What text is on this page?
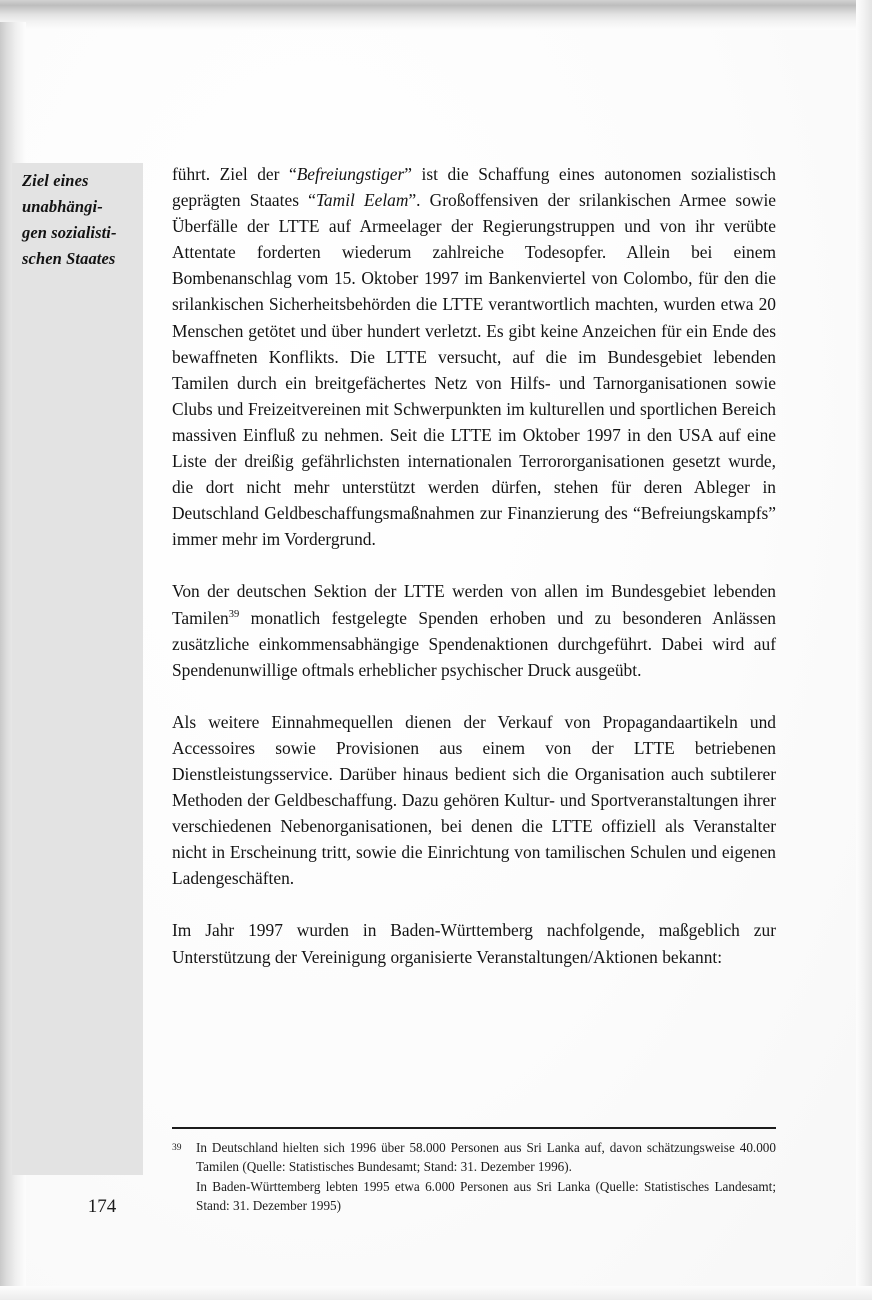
Ziel eines
unabhängi-
gen sozialisti-
schen Staates
174

führt. Ziel der “Befreiungstiger” ist die Schaffung eines autonomen sozialistisch geprägten Staates “Tamil Eelam”. Großoffensiven der srilankischen Armee sowie Überfälle der LTTE auf Armeelager der Regierungstruppen und von ihr verübte Attentate forderten wiederum zahlreiche Todesopfer. Allein bei einem Bombenanschlag vom 15. Oktober 1997 im Bankenviertel von Colombo, für den die srilankischen Sicherheitsbehörden die LTTE verantwortlich machten, wurden etwa 20 Menschen getötet und über hundert verletzt. Es gibt keine Anzeichen für ein Ende des bewaffneten Konflikts. Die LTTE versucht, auf die im Bundesgebiet lebenden Tamilen durch ein breitgefächertes Netz von Hilfs- und Tarnorganisationen sowie Clubs und Freizeitvereinen mit Schwerpunkten im kulturellen und sportlichen Bereich massiven Einfluß zu nehmen. Seit die LTTE im Oktober 1997 in den USA auf eine Liste der dreißig gefährlichsten internationalen Terrororganisationen gesetzt wurde, die dort nicht mehr unterstützt werden dürfen, stehen für deren Ableger in Deutschland Geldbeschaffungsmaßnahmen zur Finanzierung des “Befreiungskampfs” immer mehr im Vordergrund.

Von der deutschen Sektion der LTTE werden von allen im Bundesgebiet lebenden Tamilen$^{39}$ monatlich festgelegte Spenden erhoben und zu besonderen Anlässen zusätzliche einkommensabhängige Spendenaktionen durchgeführt. Dabei wird auf Spendenunwillige oftmals erheblicher psychischer Druck ausgeübt.

Als weitere Einnahmequellen dienen der Verkauf von Propagandaartikeln und Accessoires sowie Provisionen aus einem von der LTTE betriebenen Dienstleistungsservice. Darüber hinaus bedient sich die Organisation auch subtilerer Methoden der Geldbeschaffung. Dazu gehören Kultur- und Sportveranstaltungen ihrer verschiedenen Nebenorganisationen, bei denen die LTTE offiziell als Veranstalter nicht in Erscheinung tritt, sowie die Einrichtung von tamilischen Schulen und eigenen Ladengeschäften.

Im Jahr 1997 wurden in Baden-Württemberg nachfolgende, maßgeblich zur Unterstützung der Vereinigung organisierte Veranstaltungen/Aktionen bekannt:

39	In Deutschland hielten sich 1996 über 58.000 Personen aus Sri Lanka auf, davon schätzungsweise 40.000 Tamilen (Quelle: Statistisches Bundesamt; Stand: 31. Dezember 1996).

In Baden-Württemberg lebten 1995 etwa 6.000 Personen aus Sri Lanka (Quelle: Statistisches Landesamt; Stand: 31. Dezember 1995)
